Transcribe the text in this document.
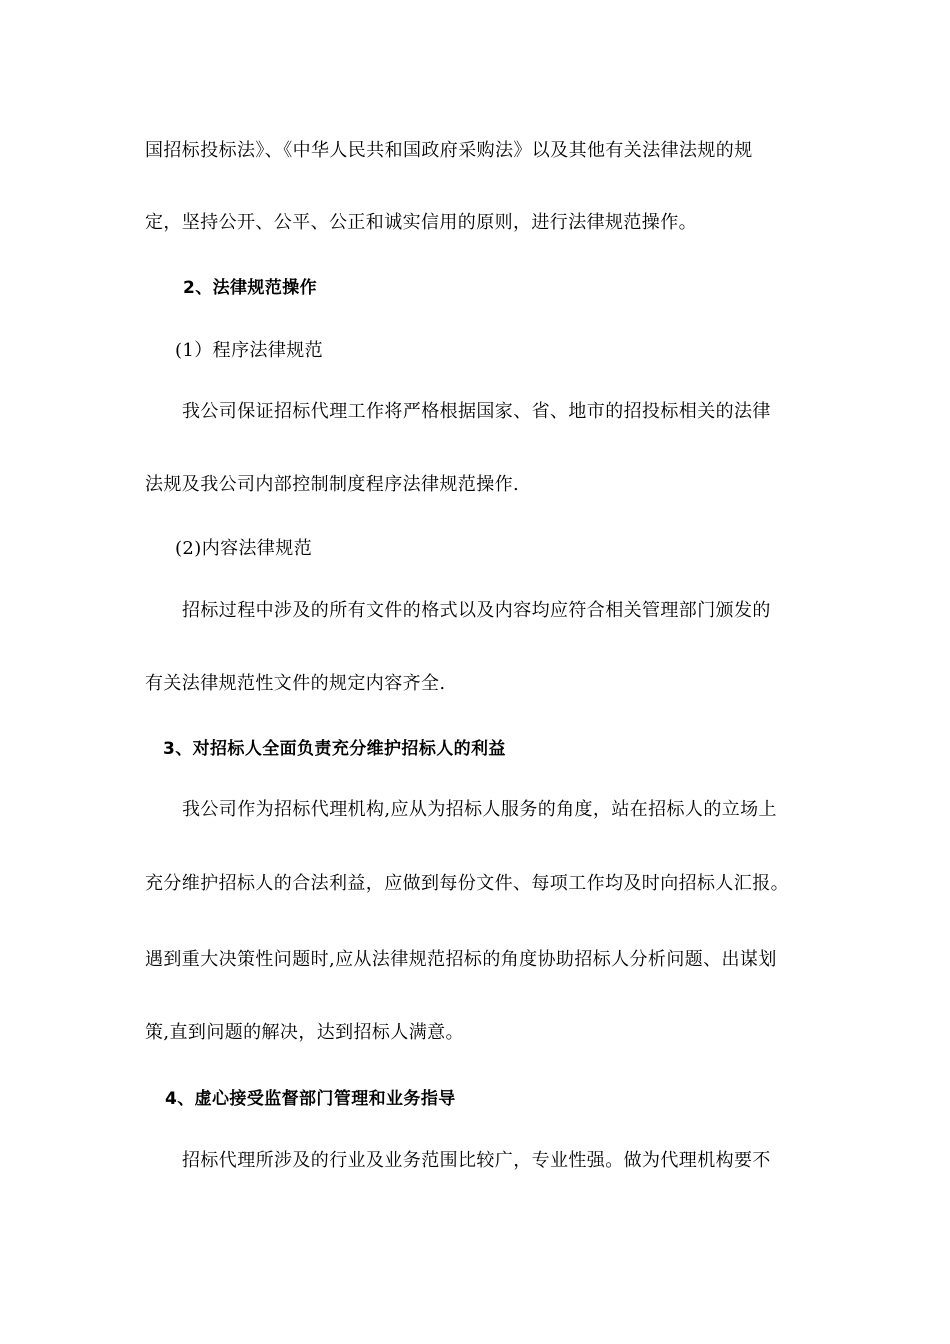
国招标投标法》、《中华人民共和国政府采购法》以及其他有关法律法规的规
定，坚持公开、公平、公正和诚实信用的原则，进行法律规范操作。
2、法律规范操作
(1）程序法律规范
我公司保证招标代理工作将严格根据国家、省、地市的招投标相关的法律
法规及我公司内部控制制度程序法律规范操作.
(2)内容法律规范
招标过程中涉及的所有文件的格式以及内容均应符合相关管理部门颁发的
有关法律规范性文件的规定内容齐全.
3、对招标人全面负责充分维护招标人的利益
我公司作为招标代理机构,应从为招标人服务的角度，站在招标人的立场上
充分维护招标人的合法利益，应做到每份文件、每项工作均及时向招标人汇报。
遇到重大决策性问题时,应从法律规范招标的角度协助招标人分析问题、出谋划
策,直到问题的解决，达到招标人满意。
4、虚心接受监督部门管理和业务指导
招标代理所涉及的行业及业务范围比较广，专业性强。做为代理机构要不
